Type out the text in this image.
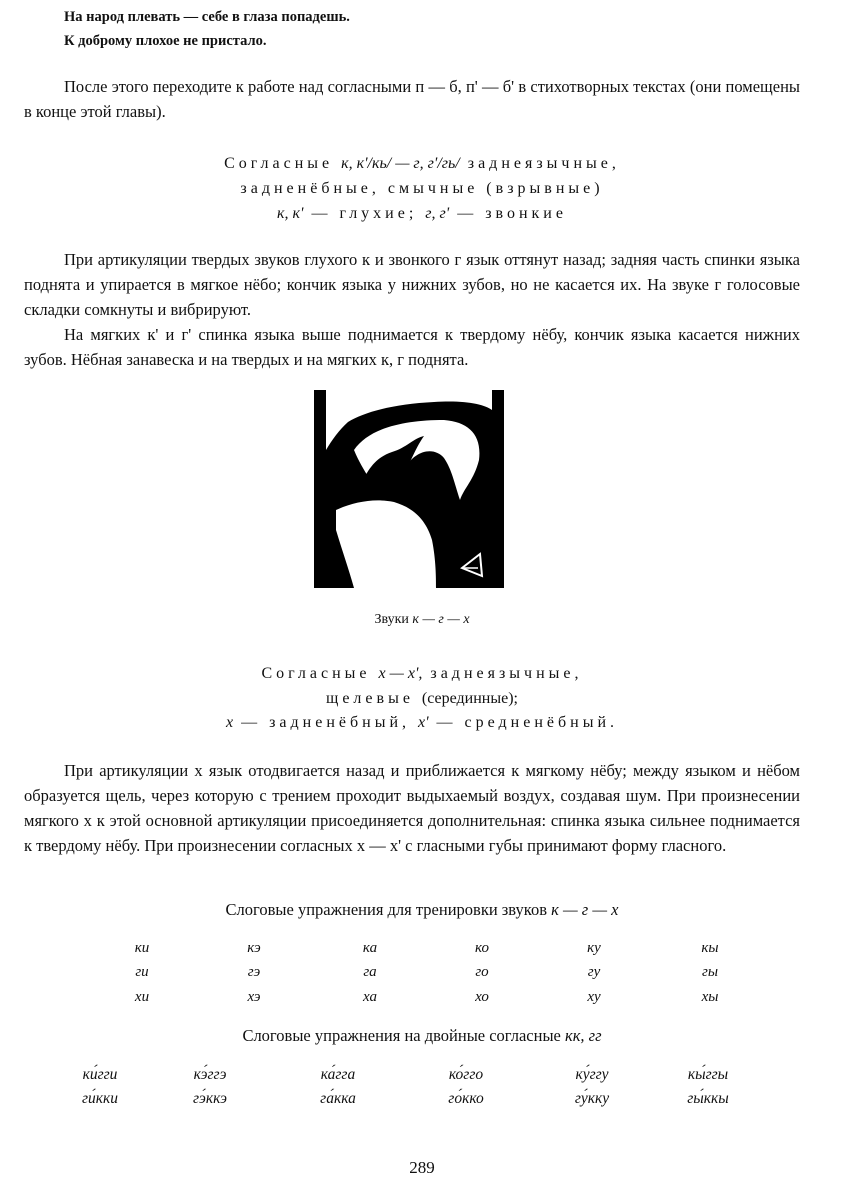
На народ плевать — себе в глаза попадешь.
К доброму плохое не пристало.
После этого переходите к работе над согласными п — б, п' — б' в стихотворных текстах (они помещены в конце этой главы).
Согласные к, к'/кь/ — г, г'/гь/ заднеязычные,
задненёбные, смычные (взрывные)
к, к' — глухие; г, г' — звонкие
При артикуляции твердых звуков глухого к и звонкого г язык оттянут назад; задняя часть спинки языка поднята и упирается в мягкое нёбо; кончик языка у нижних зубов, но не касается их. На звуке г голосовые складки сомкнуты и вибрируют.
На мягких к' и г' спинка языка выше поднимается к твердому нёбу, кончик языка касается нижних зубов. Нёбная занавеска и на твердых и на мягких к, г поднята.
Звуки к — г — х
Согласные х — х', заднеязычные,
щелевые (серединные);
х — задненёбный, х' — средненёбный.
При артикуляции х язык отодвигается назад и приближается к мягкому нёбу; между языком и нёбом образуется щель, через которую с трением проходит выдыхаемый воздух, создавая шум. При произнесении мягкого х к этой основной артикуляции присоединяется дополнительная: спинка языка сильнее поднимается к твердому нёбу. При произнесении согласных х — х' с гласными губы принимают форму гласного.
Слоговые упражнения для тренировки звуков к — г — х
ки	кэ	ка	ко	ку	кы
ги	гэ	га	го	гу	гы
хи	хэ	ха	хо	ху	хы
Слоговые упражнения на двойные согласные кк, гг
ки́гги	кэ́ггэ	ка́гга	ко́гго	ку́ггу	кы́ггы
ги́кки	гэ́ккэ	га́кка	го́кко	гу́кку	гы́ккы
289
